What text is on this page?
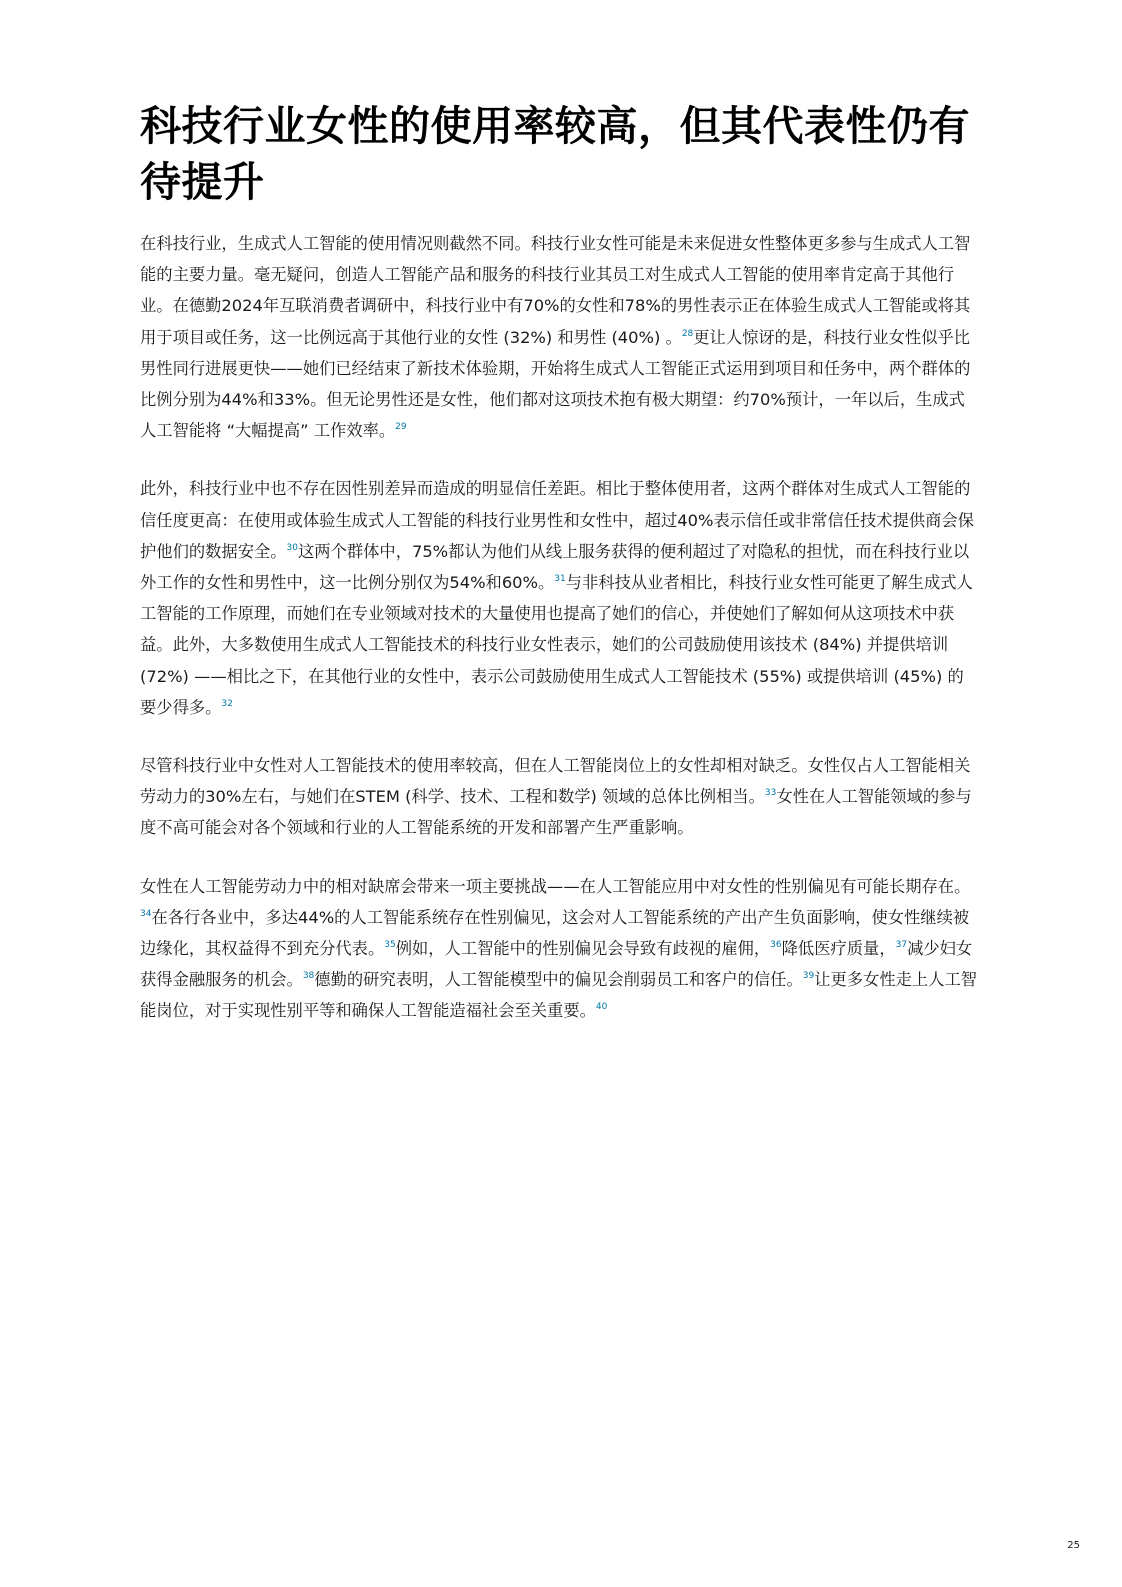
科技行业女性的使用率较高，但其代表性仍有待提升

在科技行业，生成式人工智能的使用情况则截然不同。科技行业女性可能是未来促进女性整体更多参与生成式人工智能的主要力量。毫无疑问，创造人工智能产品和服务的科技行业其员工对生成式人工智能的使用率肯定高于其他行业。在德勤2024年互联消费者调研中，科技行业中有70%的女性和78%的男性表示正在体验生成式人工智能或将其用于项目或任务，这一比例远高于其他行业的女性 (32%) 和男性 (40%) 。$^{28}$更让人惊讶的是，科技行业女性似乎比男性同行进展更快——她们已经结束了新技术体验期，开始将生成式人工智能正式运用到项目和任务中，两个群体的比例分别为44%和33%。但无论男性还是女性，他们都对这项技术抱有极大期望：约70%预计，一年以后，生成式人工智能将 “大幅提高” 工作效率。$^{29}$

此外，科技行业中也不存在因性别差异而造成的明显信任差距。相比于整体使用者，这两个群体对生成式人工智能的信任度更高：在使用或体验生成式人工智能的科技行业男性和女性中，超过40%表示信任或非常信任技术提供商会保护他们的数据安全。$^{30}$这两个群体中，75%都认为他们从线上服务获得的便利超过了对隐私的担忧，而在科技行业以外工作的女性和男性中，这一比例分别仅为54%和60%。$^{31}$与非科技从业者相比，科技行业女性可能更了解生成式人工智能的工作原理，而她们在专业领域对技术的大量使用也提高了她们的信心，并使她们了解如何从这项技术中获益。此外，大多数使用生成式人工智能技术的科技行业女性表示，她们的公司鼓励使用该技术 (84%) 并提供培训 (72%) ——相比之下，在其他行业的女性中，表示公司鼓励使用生成式人工智能技术 (55%) 或提供培训 (45%) 的要少得多。$^{32}$

尽管科技行业中女性对人工智能技术的使用率较高，但在人工智能岗位上的女性却相对缺乏。女性仅占人工智能相关劳动力的30%左右，与她们在STEM (科学、技术、工程和数学) 领域的总体比例相当。$^{33}$女性在人工智能领域的参与度不高可能会对各个领域和行业的人工智能系统的开发和部署产生严重影响。

女性在人工智能劳动力中的相对缺席会带来一项主要挑战——在人工智能应用中对女性的性别偏见有可能长期存在。$^{34}$在各行各业中，多达44%的人工智能系统存在性别偏见，这会对人工智能系统的产出产生负面影响，使女性继续被边缘化，其权益得不到充分代表。$^{35}$例如，人工智能中的性别偏见会导致有歧视的雇佣，$^{36}$降低医疗质量，$^{37}$减少妇女获得金融服务的机会。$^{38}$德勤的研究表明，人工智能模型中的偏见会削弱员工和客户的信任。$^{39}$让更多女性走上人工智能岗位，对于实现性别平等和确保人工智能造福社会至关重要。$^{40}$

25
